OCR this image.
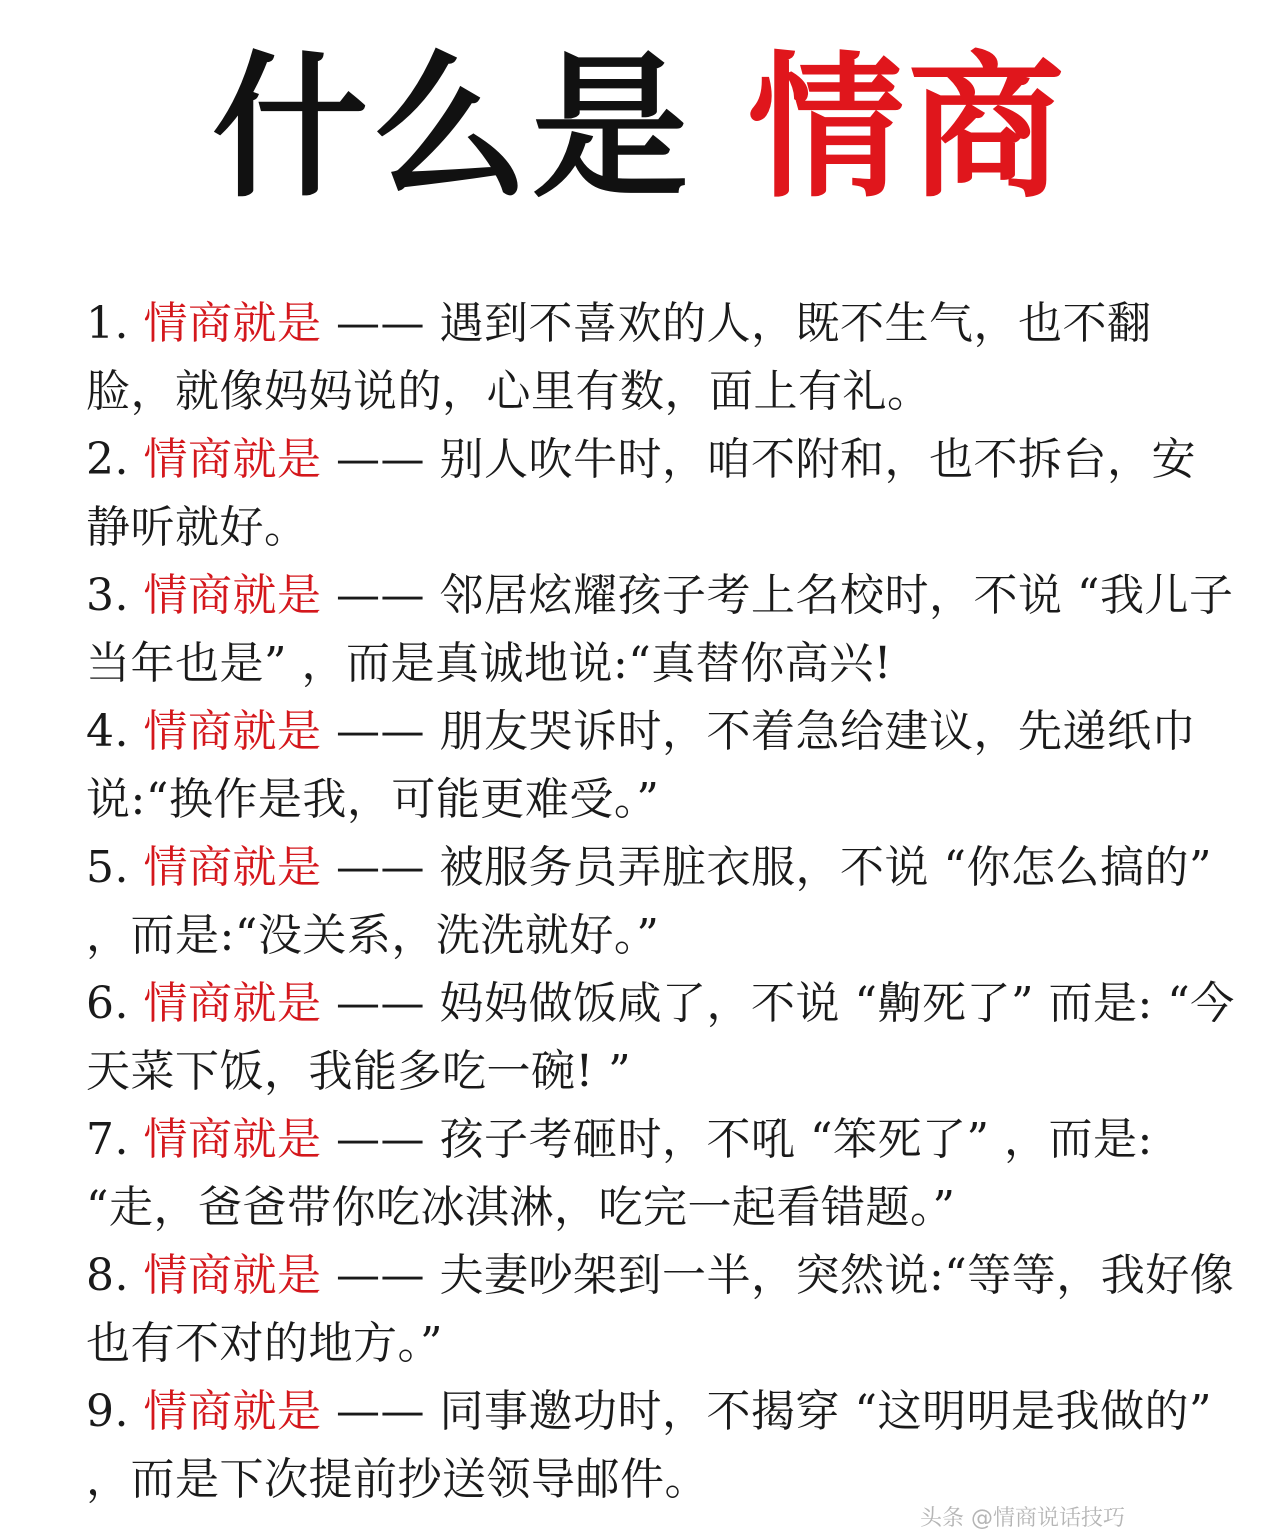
什么是 情商

1. 情商就是 —— 遇到不喜欢的人，既不生气，也不翻脸，就像妈妈说的，心里有数，面上有礼。

2. 情商就是 —— 别人吹牛时，咱不附和，也不拆台，安静听就好。

3. 情商就是 —— 邻居炫耀孩子考上名校时，不说 “我儿子当年也是” ，而是真诚地说:“真替你高兴!

4. 情商就是 —— 朋友哭诉时，不着急给建议，先递纸巾说:“换作是我，可能更难受。”

5. 情商就是 —— 被服务员弄脏衣服，不说 “你怎么搞的” ，而是:“没关系，洗洗就好。”

6. 情商就是 —— 妈妈做饭咸了，不说 “齁死了” 而是: “今天菜下饭，我能多吃一碗! ”

7. 情商就是 —— 孩子考砸时，不吼 “笨死了” ，而是: “走，爸爸带你吃冰淇淋，吃完一起看错题。”

8. 情商就是 —— 夫妻吵架到一半，突然说:“等等，我好像也有不对的地方。”

9. 情商就是 —— 同事邀功时，不揭穿 “这明明是我做的” ，而是下次提前抄送领导邮件。

头条 @情商说话技巧
